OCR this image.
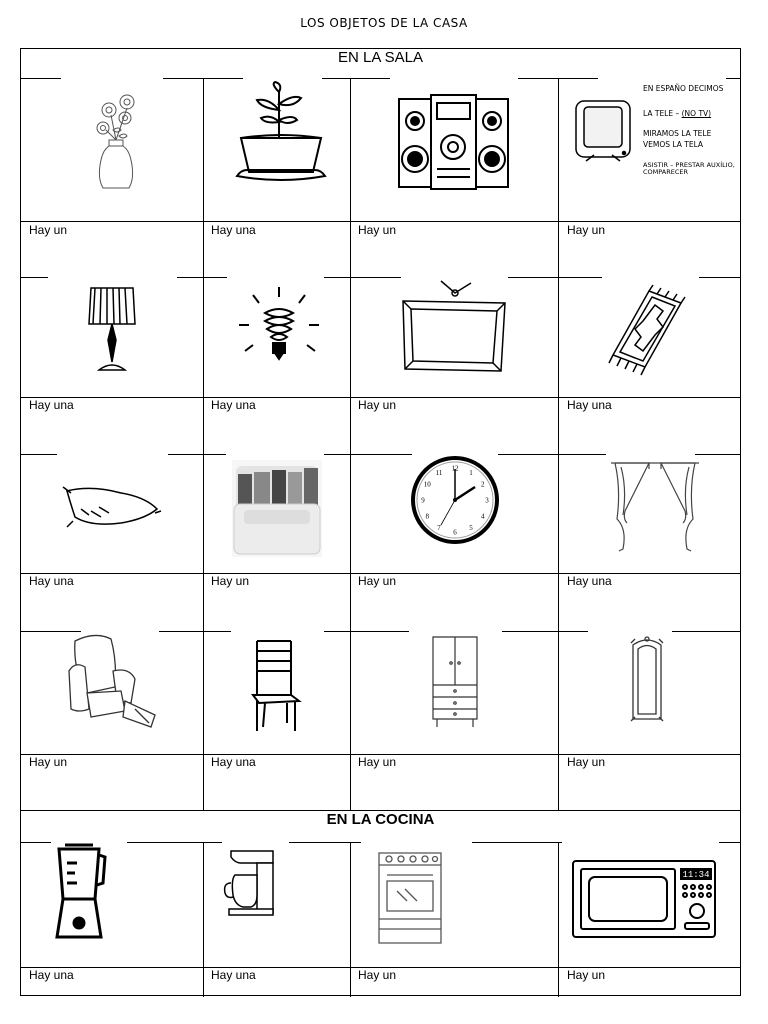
LOS OBJETOS DE LA CASA
EN LA SALA
EN LA COCINA
EN ESPAÑO DECIMOS
LA TELE – (NO TV)
MIRAMOS LA TELE
VEMOS LA TELA
ASISTIR – PRESTAR AUXÍLIO,
COMPARECER
12
1
2
3
4
5
6
7
8
9
10
11
11:34
Hay un	Hay una	Hay un	Hay un
Hay una	Hay una	Hay un	Hay una
Hay una	Hay un	Hay un	Hay una
Hay un	Hay una	Hay un	Hay un
Hay una	Hay una	Hay un	Hay un
